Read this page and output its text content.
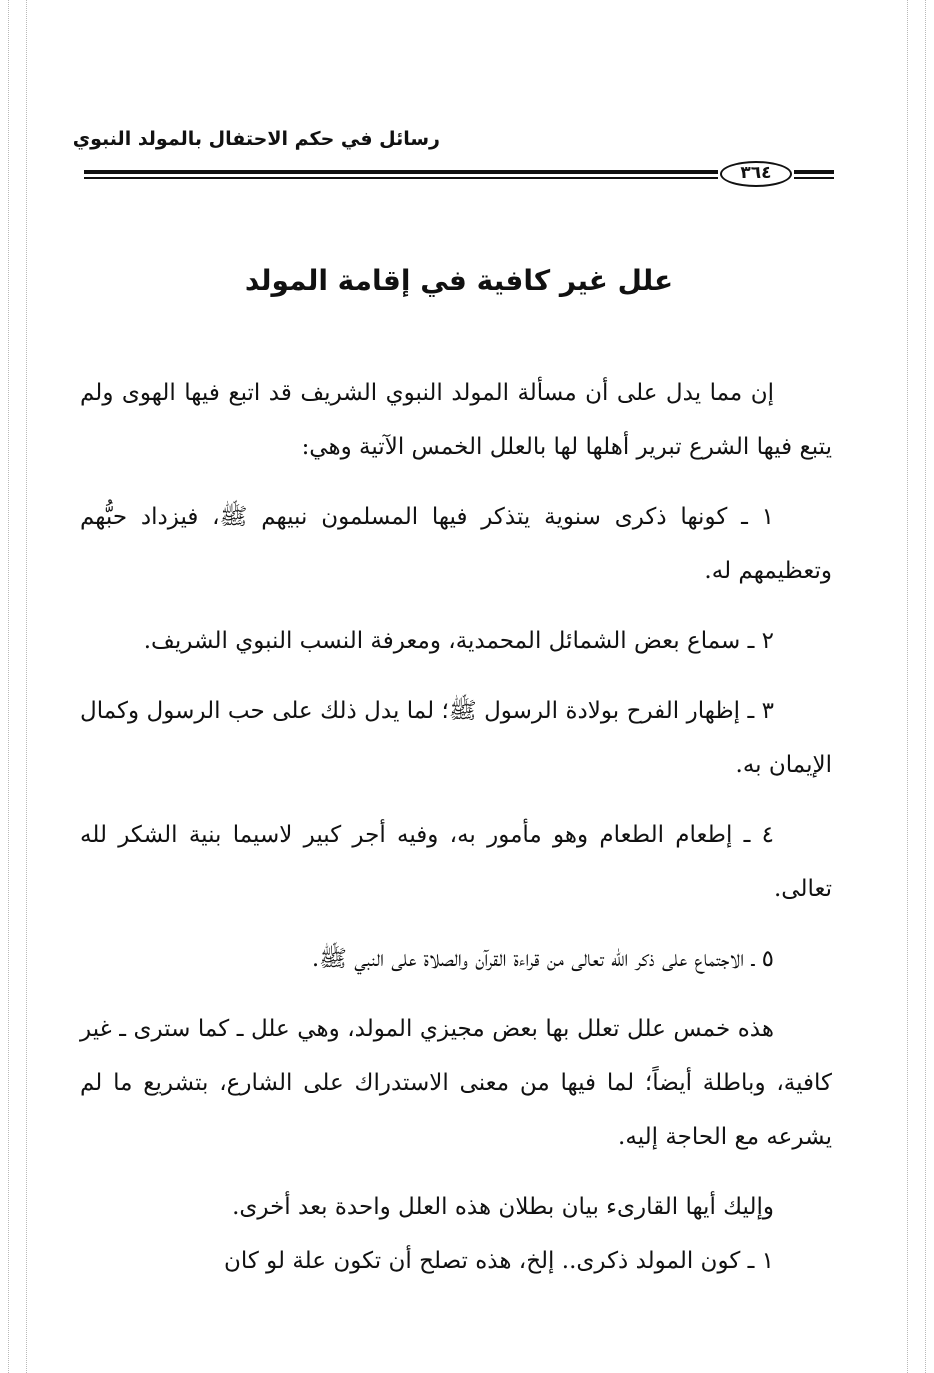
رسائل في حكم الاحتفال بالمولد النبوي
٣٦٤
علل غير كافية في إقامة المولد

إن مما يدل على أن مسألة المولد النبوي الشريف قد اتبع فيها الهوى ولم يتبع فيها الشرع تبرير أهلها لها بالعلل الخمس الآتية وهي:

١ ـ كونها ذكرى سنوية يتذكر فيها المسلمون نبيهم ﷺ، فيزداد حبُّهم وتعظيمهم له.

٢ ـ سماع بعض الشمائل المحمدية، ومعرفة النسب النبوي الشريف.

٣ ـ إظهار الفرح بولادة الرسول ﷺ؛ لما يدل ذلك على حب الرسول وكمال الإيمان به.

٤ ـ إطعام الطعام وهو مأمور به، وفيه أجر كبير لاسيما بنية الشكر لله تعالى.

٥ ـ الاجتماع على ذكر الله تعالى من قراءة القرآن والصلاة على النبي ﷺ.

هذه خمس علل تعلل بها بعض مجيزي المولد، وهي علل ـ كما سترى ـ غير كافية، وباطلة أيضاً؛ لما فيها من معنى الاستدراك على الشارع، بتشريع ما لم يشرعه مع الحاجة إليه.

وإليك أيها القارىء بيان بطلان هذه العلل واحدة بعد أخرى.

١ ـ كون المولد ذكرى.. إلخ، هذه تصلح أن تكون علة لو كان
